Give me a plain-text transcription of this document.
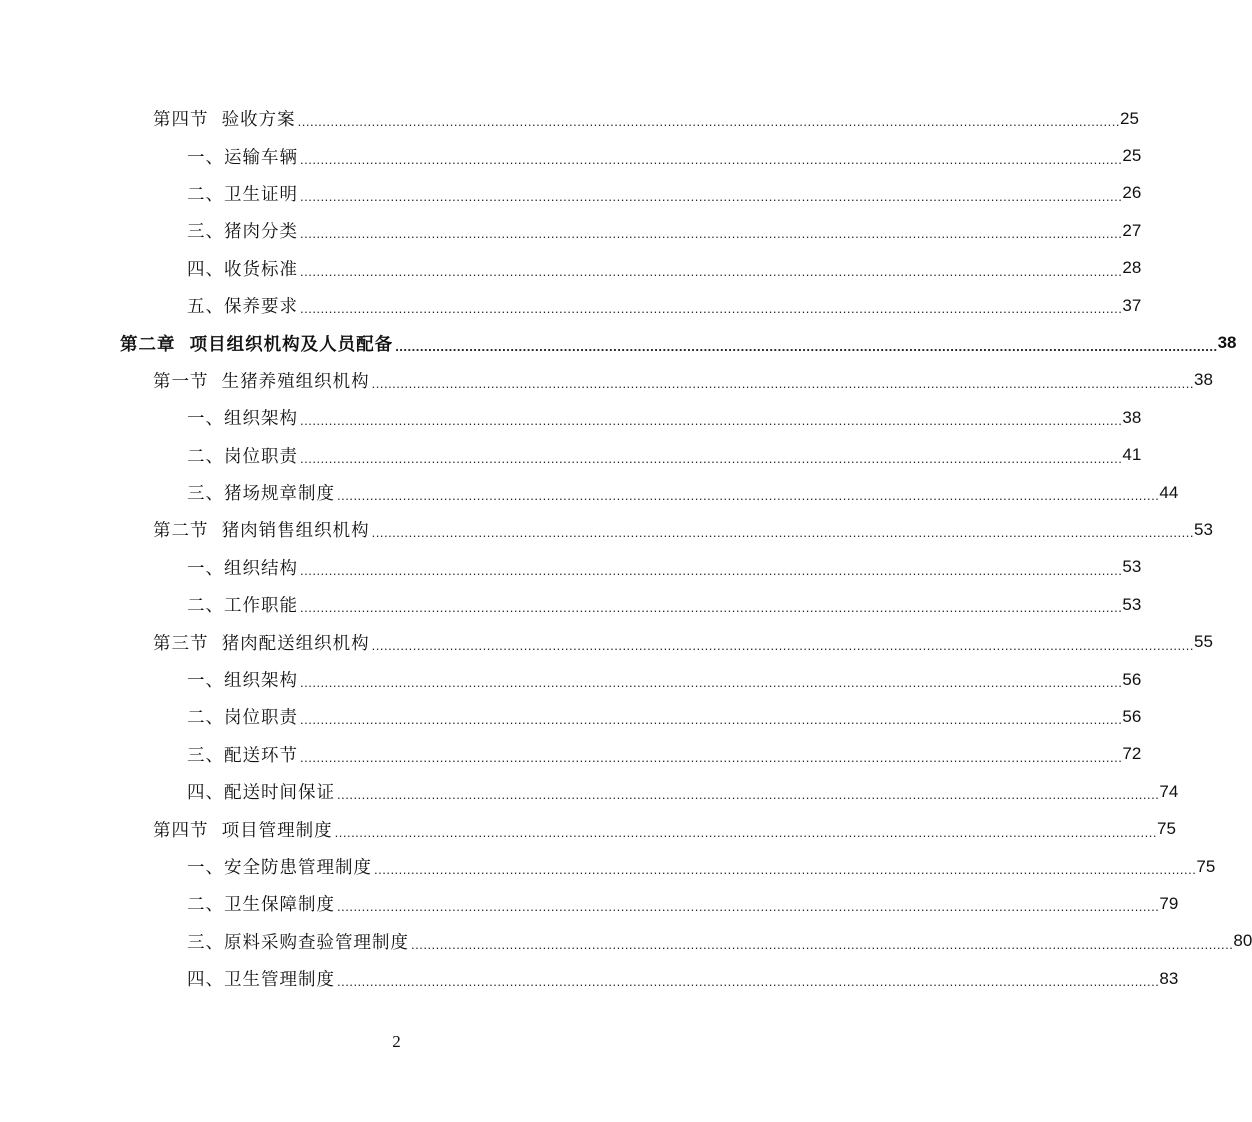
第四节  验收方案 ........................................................................................................................................................................................................ 25
一、运输车辆 ........................................................................................................................................................................................................ 25
二、卫生证明 ........................................................................................................................................................................................................ 26
三、猪肉分类 ........................................................................................................................................................................................................ 27
四、收货标准 ........................................................................................................................................................................................................ 28
五、保养要求 ........................................................................................................................................................................................................ 37
第二章  项目组织机构及人员配备 ........................................................................................................................................................................................................ 38
第一节  生猪养殖组织机构 ........................................................................................................................................................................................................ 38
一、组织架构 ........................................................................................................................................................................................................ 38
二、岗位职责 ........................................................................................................................................................................................................ 41
三、猪场规章制度 ........................................................................................................................................................................................................ 44
第二节  猪肉销售组织机构 ........................................................................................................................................................................................................ 53
一、组织结构 ........................................................................................................................................................................................................ 53
二、工作职能 ........................................................................................................................................................................................................ 53
第三节  猪肉配送组织机构 ........................................................................................................................................................................................................ 55
一、组织架构 ........................................................................................................................................................................................................ 56
二、岗位职责 ........................................................................................................................................................................................................ 56
三、配送环节 ........................................................................................................................................................................................................ 72
四、配送时间保证 ........................................................................................................................................................................................................ 74
第四节  项目管理制度 ........................................................................................................................................................................................................ 75
一、安全防患管理制度 ........................................................................................................................................................................................................ 75
二、卫生保障制度 ........................................................................................................................................................................................................ 79
三、原料采购查验管理制度 ........................................................................................................................................................................................................ 80
四、卫生管理制度 ........................................................................................................................................................................................................ 83
2
